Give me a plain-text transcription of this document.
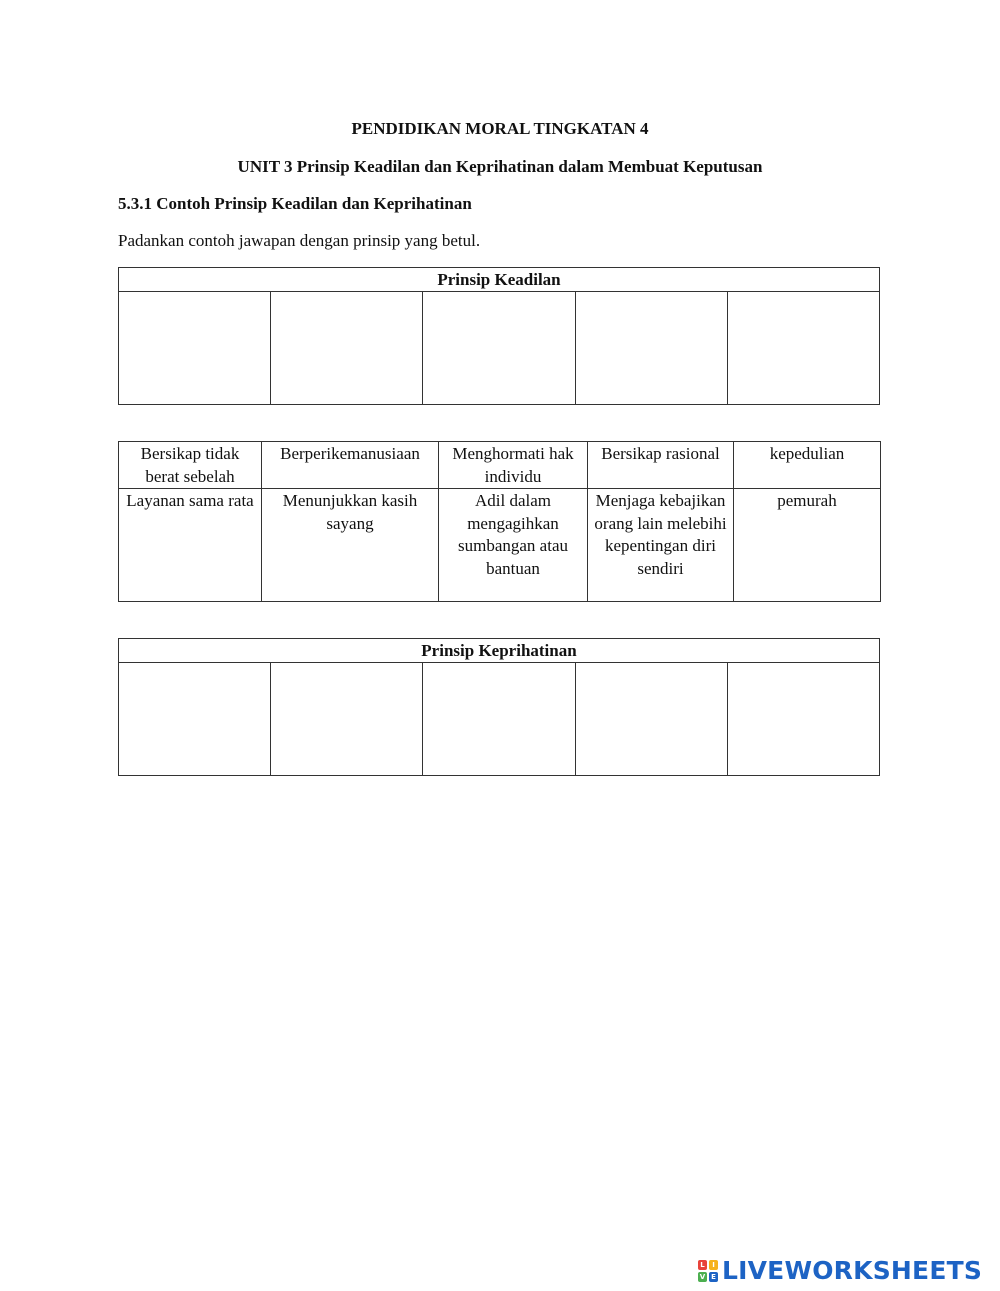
PENDIDIKAN MORAL TINGKATAN 4
UNIT 3 Prinsip Keadilan dan Keprihatinan dalam Membuat Keputusan
5.3.1 Contoh Prinsip Keadilan dan Keprihatinan
Padankan contoh jawapan dengan prinsip yang betul.
Prinsip Keadilan

Bersikap tidak berat sebelah	Berperikemanusiaan	Menghormati hak individu	Bersikap rasional	kepedulian
Layanan sama rata	Menunjukkan kasih sayang	Adil dalam mengagihkan sumbangan atau bantuan	Menjaga kebajikan orang lain melebihi kepentingan diri sendiri	pemurah
Prinsip Keprihatinan

L	I
V E LIVEWORKSHEETS
